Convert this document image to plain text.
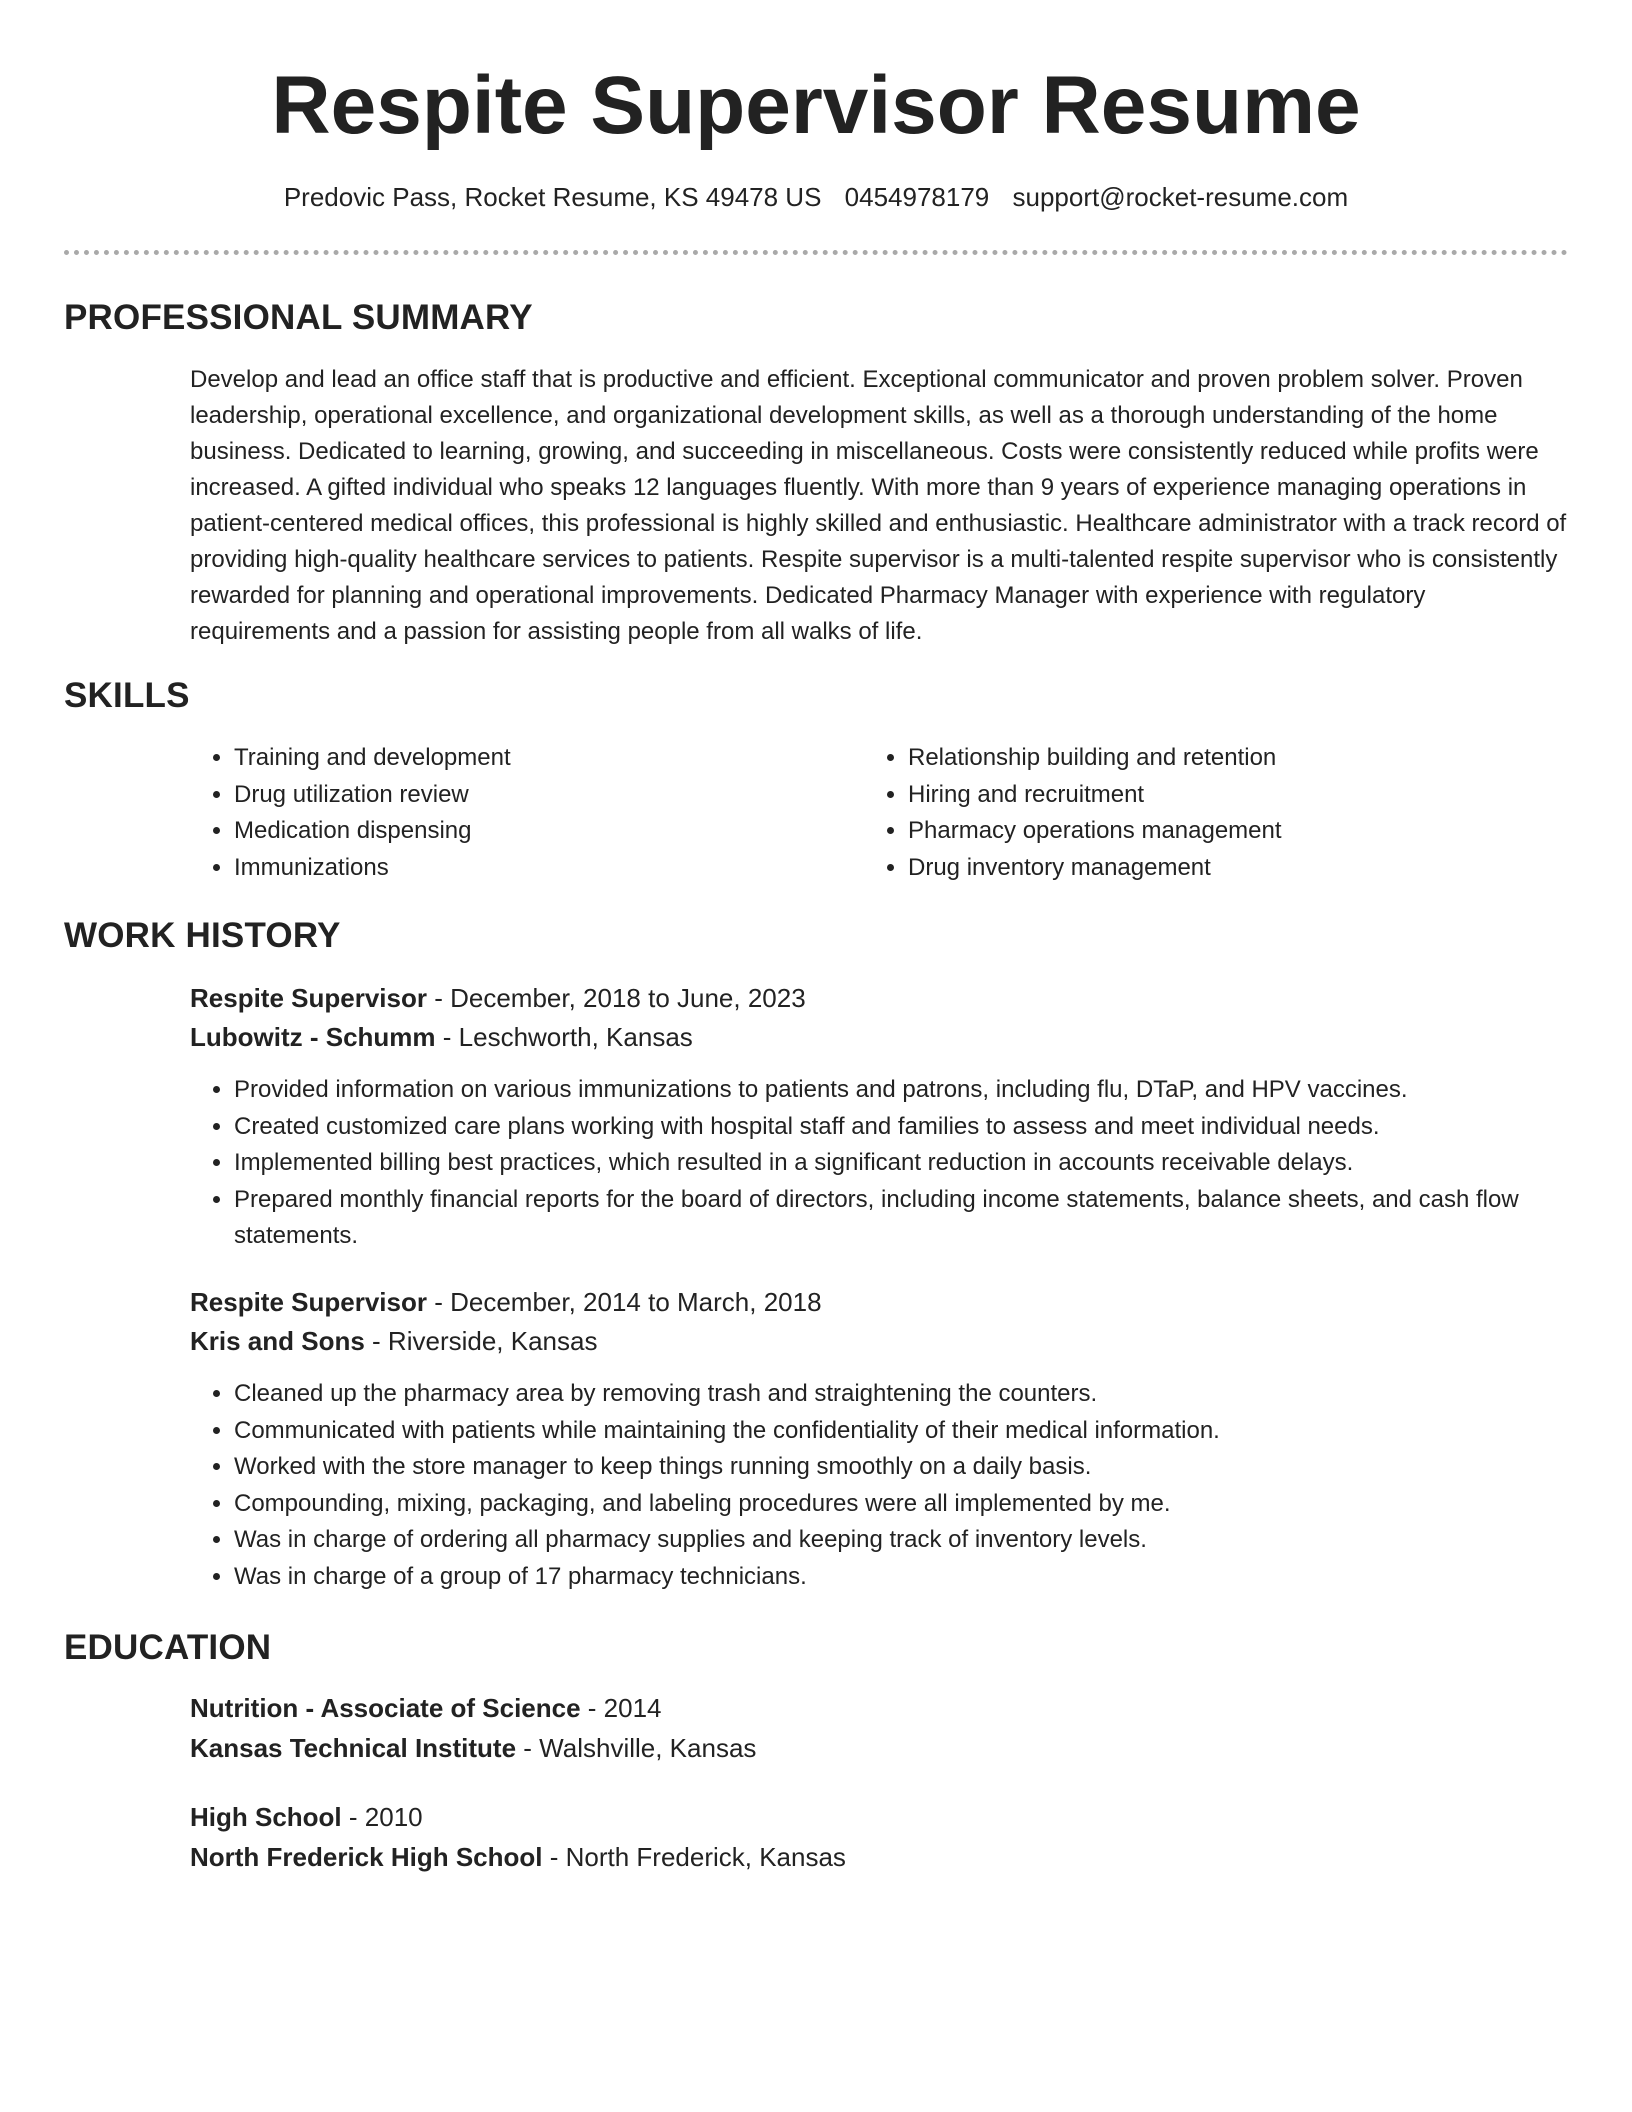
Respite Supervisor Resume
Predovic Pass, Rocket Resume, KS 49478 US 0454978179 support@rocket-resume.com
PROFESSIONAL SUMMARY

Develop and lead an office staff that is productive and efficient. Exceptional communicator and proven problem solver. Proven leadership, operational excellence, and organizational development skills, as well as a thorough understanding of the home business. Dedicated to learning, growing, and succeeding in miscellaneous. Costs were consistently reduced while profits were increased. A gifted individual who speaks 12 languages fluently. With more than 9 years of experience managing operations in patient-centered medical offices, this professional is highly skilled and enthusiastic. Healthcare administrator with a track record of providing high-quality healthcare services to patients. Respite supervisor is a multi-talented respite supervisor who is consistently rewarded for planning and operational improvements. Dedicated Pharmacy Manager with experience with regulatory requirements and a passion for assisting people from all walks of life.

SKILLS
• Training and development
• Drug utilization review
• Medication dispensing
• Immunizations
• Relationship building and retention
• Hiring and recruitment
• Pharmacy operations management
• Drug inventory management
WORK HISTORY
Respite Supervisor - December, 2018 to June, 2023
Lubowitz - Schumm - Leschworth, Kansas
• Provided information on various immunizations to patients and patrons, including flu, DTaP, and HPV vaccines.
• Created customized care plans working with hospital staff and families to assess and meet individual needs.
• Implemented billing best practices, which resulted in a significant reduction in accounts receivable delays.
• Prepared monthly financial reports for the board of directors, including income statements, balance sheets, and cash flow statements.
Respite Supervisor - December, 2014 to March, 2018
Kris and Sons - Riverside, Kansas
• Cleaned up the pharmacy area by removing trash and straightening the counters.
• Communicated with patients while maintaining the confidentiality of their medical information.
• Worked with the store manager to keep things running smoothly on a daily basis.
• Compounding, mixing, packaging, and labeling procedures were all implemented by me.
• Was in charge of ordering all pharmacy supplies and keeping track of inventory levels.
• Was in charge of a group of 17 pharmacy technicians.
EDUCATION
Nutrition - Associate of Science - 2014
Kansas Technical Institute - Walshville, Kansas
High School - 2010
North Frederick High School - North Frederick, Kansas
